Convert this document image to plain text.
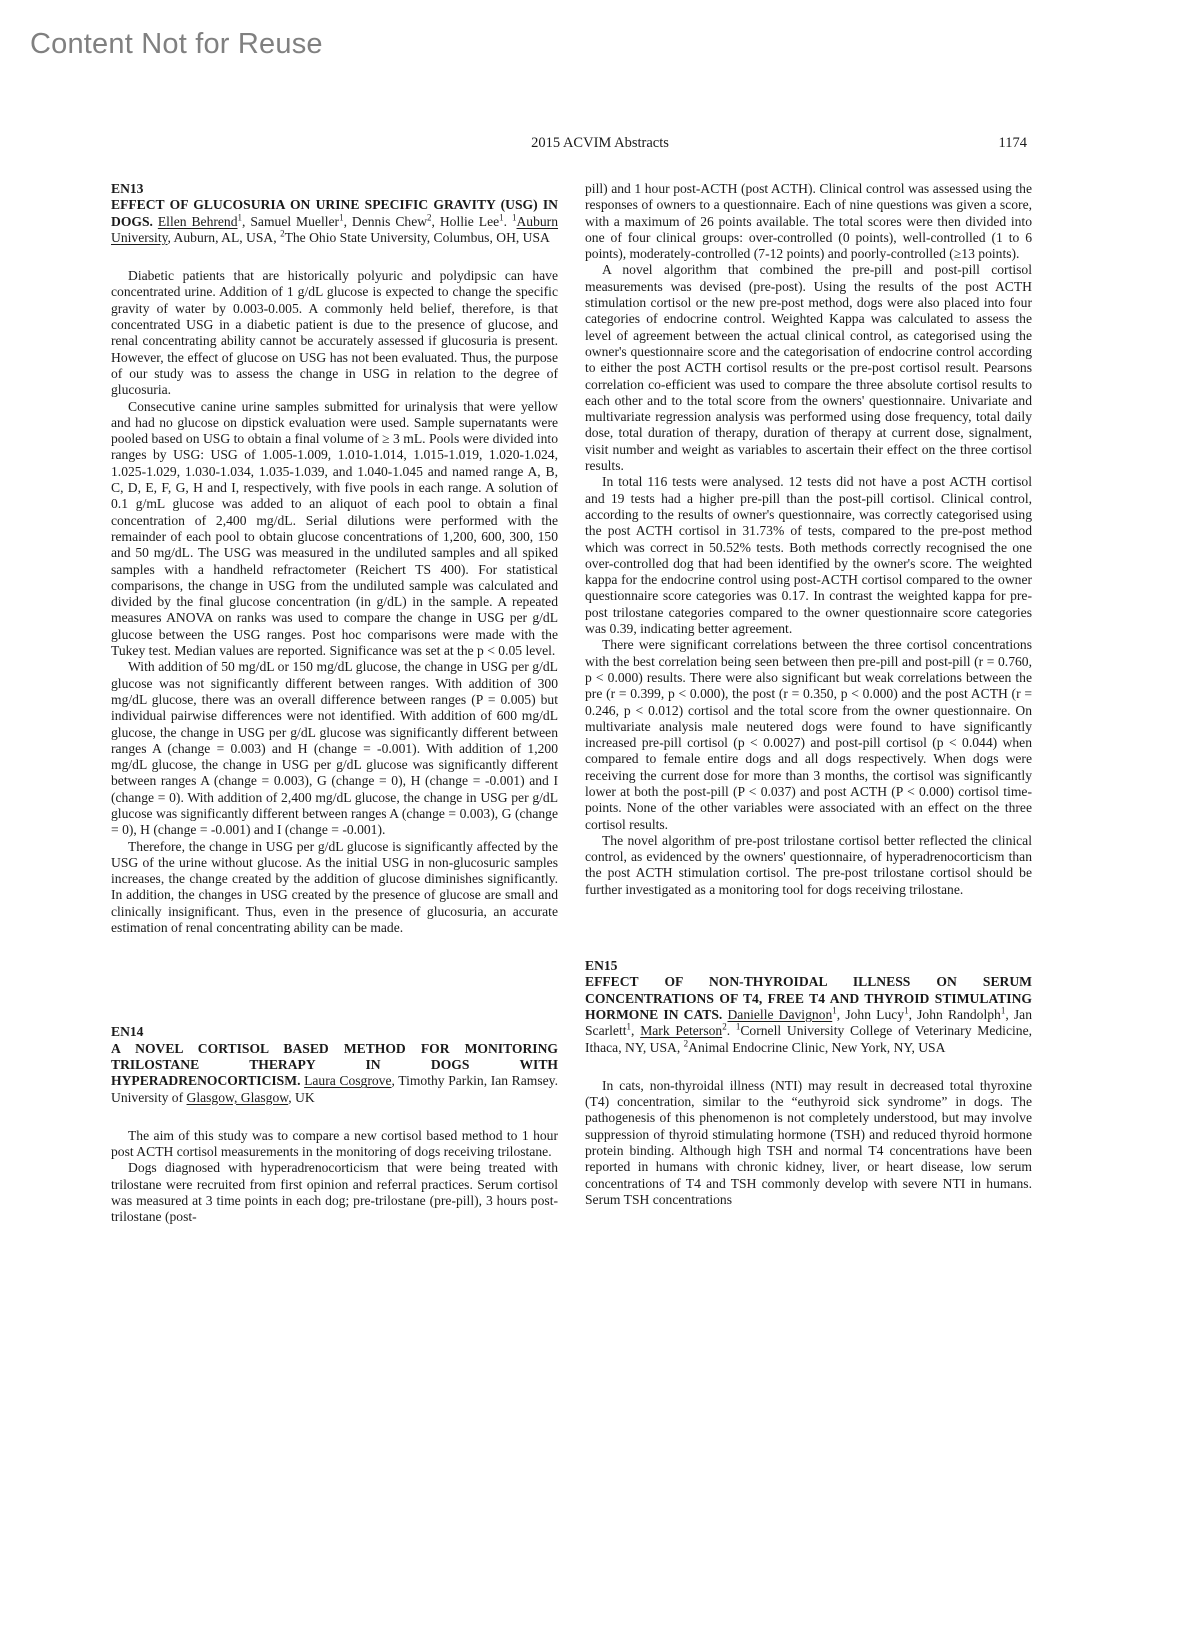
Content Not for Reuse
2015 ACVIM Abstracts	1174
EN13
EFFECT OF GLUCOSURIA ON URINE SPECIFIC GRAVITY (USG) IN DOGS. Ellen Behrend$^1$, Samuel Mueller$^1$, Dennis Chew$^2$, Hollie Lee$^1$. $^1$Auburn University, Auburn, AL, USA, $^2$The Ohio State University, Columbus, OH, USA

Diabetic patients that are historically polyuric and polydipsic can have concentrated urine. Addition of 1 g/dL glucose is expected to change the specific gravity of water by 0.003-0.005. A commonly held belief, therefore, is that concentrated USG in a diabetic patient is due to the presence of glucose, and renal concentrating ability cannot be accurately assessed if glucosuria is present. However, the effect of glucose on USG has not been evaluated. Thus, the purpose of our study was to assess the change in USG in relation to the degree of glucosuria.

Consecutive canine urine samples submitted for urinalysis that were yellow and had no glucose on dipstick evaluation were used. Sample supernatants were pooled based on USG to obtain a final volume of ≥ 3 mL. Pools were divided into ranges by USG: USG of 1.005-1.009, 1.010-1.014, 1.015-1.019, 1.020-1.024, 1.025-1.029, 1.030-1.034, 1.035-1.039, and 1.040-1.045 and named range A, B, C, D, E, F, G, H and I, respectively, with five pools in each range. A solution of 0.1 g/mL glucose was added to an aliquot of each pool to obtain a final concentration of 2,400 mg/dL. Serial dilutions were performed with the remainder of each pool to obtain glucose concentrations of 1,200, 600, 300, 150 and 50 mg/dL. The USG was measured in the undiluted samples and all spiked samples with a handheld refractometer (Reichert TS 400). For statistical comparisons, the change in USG from the undiluted sample was calculated and divided by the final glucose concentration (in g/dL) in the sample. A repeated measures ANOVA on ranks was used to compare the change in USG per g/dL glucose between the USG ranges. Post hoc comparisons were made with the Tukey test. Median values are reported. Significance was set at the p < 0.05 level.

With addition of 50 mg/dL or 150 mg/dL glucose, the change in USG per g/dL glucose was not significantly different between ranges. With addition of 300 mg/dL glucose, there was an overall difference between ranges (P = 0.005) but individual pairwise differences were not identified. With addition of 600 mg/dL glucose, the change in USG per g/dL glucose was significantly different between ranges A (change = 0.003) and H (change = -0.001). With addition of 1,200 mg/dL glucose, the change in USG per g/dL glucose was significantly different between ranges A (change = 0.003), G (change = 0), H (change = -0.001) and I (change = 0). With addition of 2,400 mg/dL glucose, the change in USG per g/dL glucose was significantly different between ranges A (change = 0.003), G (change = 0), H (change = -0.001) and I (change = -0.001).

Therefore, the change in USG per g/dL glucose is significantly affected by the USG of the urine without glucose. As the initial USG in non-glucosuric samples increases, the change created by the addition of glucose diminishes significantly. In addition, the changes in USG created by the presence of glucose are small and clinically insignificant. Thus, even in the presence of glucosuria, an accurate estimation of renal concentrating ability can be made.

EN14
A NOVEL CORTISOL BASED METHOD FOR MONITORING TRILOSTANE THERAPY IN DOGS WITH HYPERADRENOCORTICISM. Laura Cosgrove, Timothy Parkin, Ian Ramsey. University of Glasgow, Glasgow, UK

The aim of this study was to compare a new cortisol based method to 1 hour post ACTH cortisol measurements in the monitoring of dogs receiving trilostane.

Dogs diagnosed with hyperadrenocorticism that were being treated with trilostane were recruited from first opinion and referral practices. Serum cortisol was measured at 3 time points in each dog; pre-trilostane (pre-pill), 3 hours post-trilostane (post-

pill) and 1 hour post-ACTH (post ACTH). Clinical control was assessed using the responses of owners to a questionnaire. Each of nine questions was given a score, with a maximum of 26 points available. The total scores were then divided into one of four clinical groups: over-controlled (0 points), well-controlled (1 to 6 points), moderately-controlled (7-12 points) and poorly-controlled (≥13 points).

A novel algorithm that combined the pre-pill and post-pill cortisol measurements was devised (pre-post). Using the results of the post ACTH stimulation cortisol or the new pre-post method, dogs were also placed into four categories of endocrine control. Weighted Kappa was calculated to assess the level of agreement between the actual clinical control, as categorised using the owner's questionnaire score and the categorisation of endocrine control according to either the post ACTH cortisol results or the pre-post cortisol result. Pearsons correlation co-efficient was used to compare the three absolute cortisol results to each other and to the total score from the owners' questionnaire. Univariate and multivariate regression analysis was performed using dose frequency, total daily dose, total duration of therapy, duration of therapy at current dose, signalment, visit number and weight as variables to ascertain their effect on the three cortisol results.

In total 116 tests were analysed. 12 tests did not have a post ACTH cortisol and 19 tests had a higher pre-pill than the post-pill cortisol. Clinical control, according to the results of owner's questionnaire, was correctly categorised using the post ACTH cortisol in 31.73% of tests, compared to the pre-post method which was correct in 50.52% tests. Both methods correctly recognised the one over-controlled dog that had been identified by the owner's score. The weighted kappa for the endocrine control using post-ACTH cortisol compared to the owner questionnaire score categories was 0.17. In contrast the weighted kappa for pre-post trilostane categories compared to the owner questionnaire score categories was 0.39, indicating better agreement.

There were significant correlations between the three cortisol concentrations with the best correlation being seen between then pre-pill and post-pill (r = 0.760, p < 0.000) results. There were also significant but weak correlations between the pre (r = 0.399, p < 0.000), the post (r = 0.350, p < 0.000) and the post ACTH (r = 0.246, p < 0.012) cortisol and the total score from the owner questionnaire. On multivariate analysis male neutered dogs were found to have significantly increased pre-pill cortisol (p < 0.0027) and post-pill cortisol (p < 0.044) when compared to female entire dogs and all dogs respectively. When dogs were receiving the current dose for more than 3 months, the cortisol was significantly lower at both the post-pill (P < 0.037) and post ACTH (P < 0.000) cortisol time-points. None of the other variables were associated with an effect on the three cortisol results.

The novel algorithm of pre-post trilostane cortisol better reflected the clinical control, as evidenced by the owners' questionnaire, of hyperadrenocorticism than the post ACTH stimulation cortisol. The pre-post trilostane cortisol should be further investigated as a monitoring tool for dogs receiving trilostane.

EN15
EFFECT OF NON-THYROIDAL ILLNESS ON SERUM CONCENTRATIONS OF T4, FREE T4 AND THYROID STIMULATING HORMONE IN CATS. Danielle Davignon$^1$, John Lucy$^1$, John Randolph$^1$, Jan Scarlett$^1$, Mark Peterson$^2$. $^1$Cornell University College of Veterinary Medicine, Ithaca, NY, USA, $^2$Animal Endocrine Clinic, New York, NY, USA

In cats, non-thyroidal illness (NTI) may result in decreased total thyroxine (T4) concentration, similar to the “euthyroid sick syndrome” in dogs. The pathogenesis of this phenomenon is not completely understood, but may involve suppression of thyroid stimulating hormone (TSH) and reduced thyroid hormone protein binding. Although high TSH and normal T4 concentrations have been reported in humans with chronic kidney, liver, or heart disease, low serum concentrations of T4 and TSH commonly develop with severe NTI in humans. Serum TSH concentrations
